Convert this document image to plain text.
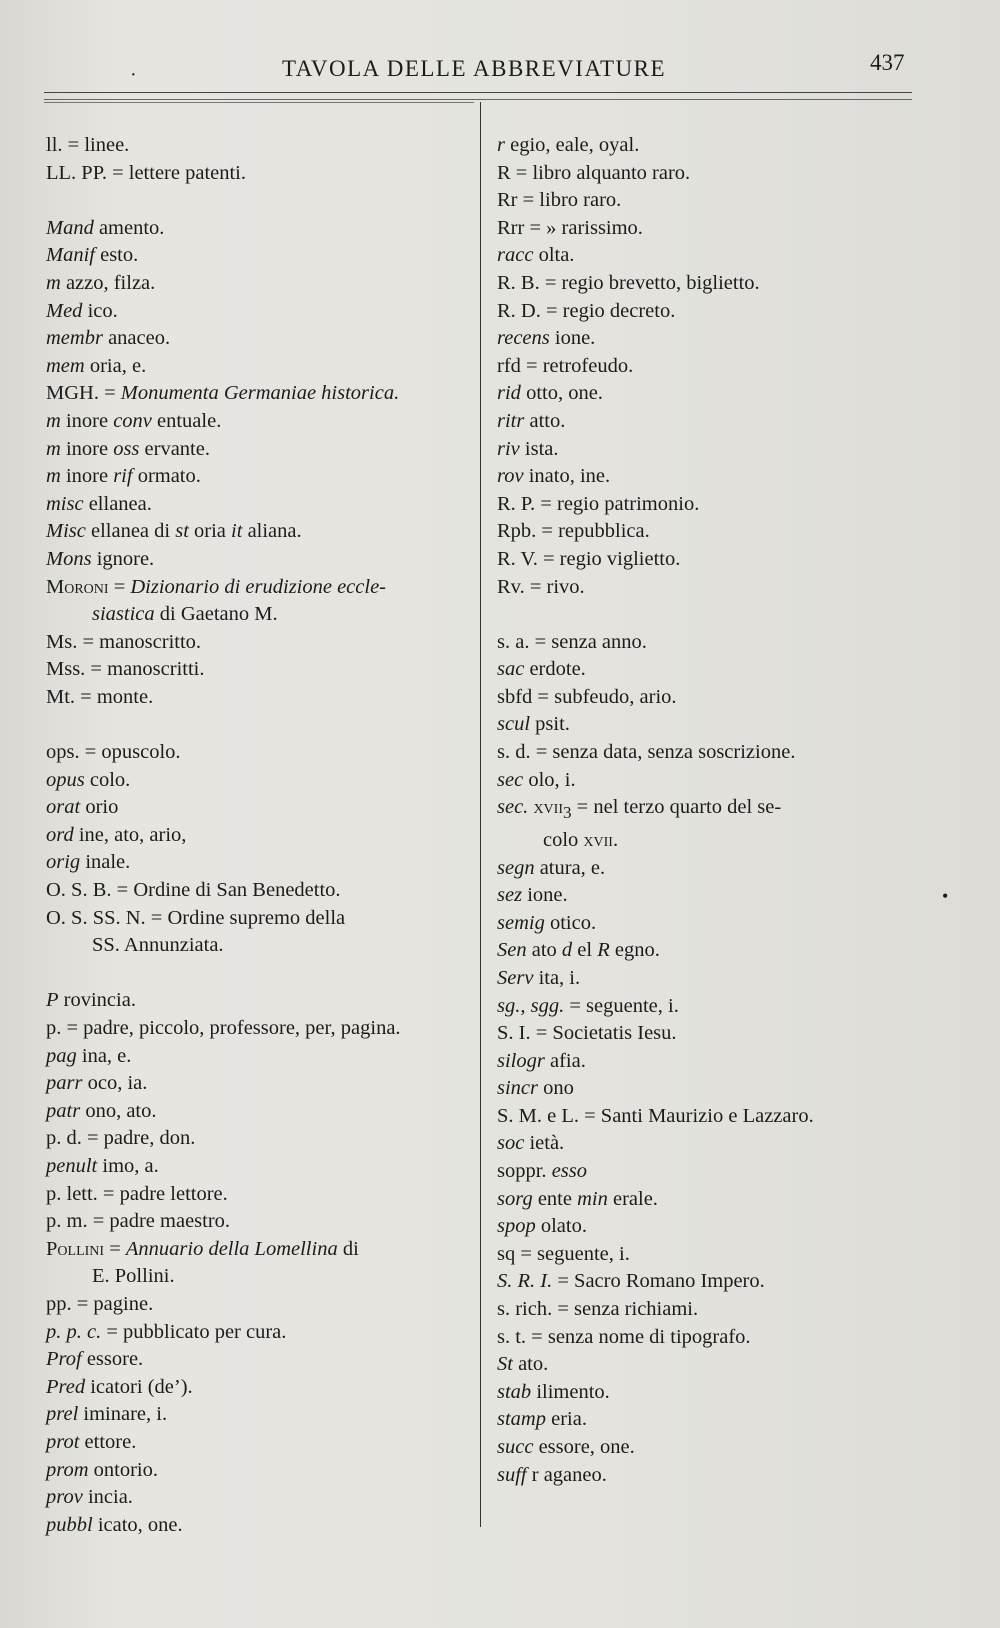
·	TAVOLA DELLE ABBREVIATURE	437
ll. = linee.
LL. PP. = lettere patenti.
Mand amento.
Manif esto.
m azzo, filza.
Med ico.
membr anaceo.
mem oria, e.
MGH. = Monumenta Germaniae historica.
m inore conv entuale.
m inore oss ervante.
m inore rif ormato.
misc ellanea.
Misc ellanea di st oria it aliana.
Mons ignore.
Moroni = Dizionario di erudizione eccle-
siastica di Gaetano M.
Ms. = manoscritto.
Mss. = manoscritti.
Mt. = monte.
ops. = opuscolo.
opus colo.
orat orio
ord ine, ato, ario,
orig inale.
O. S. B. = Ordine di San Benedetto.
O. S. SS. N. = Ordine supremo della
SS. Annunziata.
P rovincia.
p. = padre, piccolo, professore, per, pagina.
pag ina, e.
parr oco, ia.
patr ono, ato.
p. d. = padre, don.
penult imo, a.
p. lett. = padre lettore.
p. m. = padre maestro.
Pollini = Annuario della Lomellina di
E. Pollini.
pp. = pagine.
p. p. c. = pubblicato per cura.
Prof essore.
Pred icatori (de’).
prel iminare, i.
prot ettore.
prom ontorio.
prov incia.
pubbl icato, one.
r egio, eale, oyal.
R = libro alquanto raro.
Rr = libro raro.
Rrr = » rarissimo.
racc olta.
R. B. = regio brevetto, biglietto.
R. D. = regio decreto.
recens ione.
rfd = retrofeudo.
rid otto, one.
ritr atto.
riv ista.
rov inato, ine.
R. P. = regio patrimonio.
Rpb. = repubblica.
R. V. = regio viglietto.
Rv. = rivo.
s. a. = senza anno.
sac erdote.
sbfd = subfeudo, ario.
scul psit.
s. d. = senza data, senza soscrizione.
sec olo, i.
sec. xvii$_3$ = nel terzo quarto del se-
colo xvii.
segn atura, e.
sez ione.
semig otico.
Sen ato d el R egno.
Serv ita, i.
sg., sgg. = seguente, i.
S. I. = Societatis Iesu.
silogr afia.
sincr ono
S. M. e L. = Santi Maurizio e Lazzaro.
soc ietà.
soppr. esso
sorg ente min erale.
spop olato.
sq = seguente, i.
S. R. I. = Sacro Romano Impero.
s. rich. = senza richiami.
s. t. = senza nome di tipografo.
St ato.
stab ilimento.
stamp eria.
succ essore, one.
suff r aganeo.
•
